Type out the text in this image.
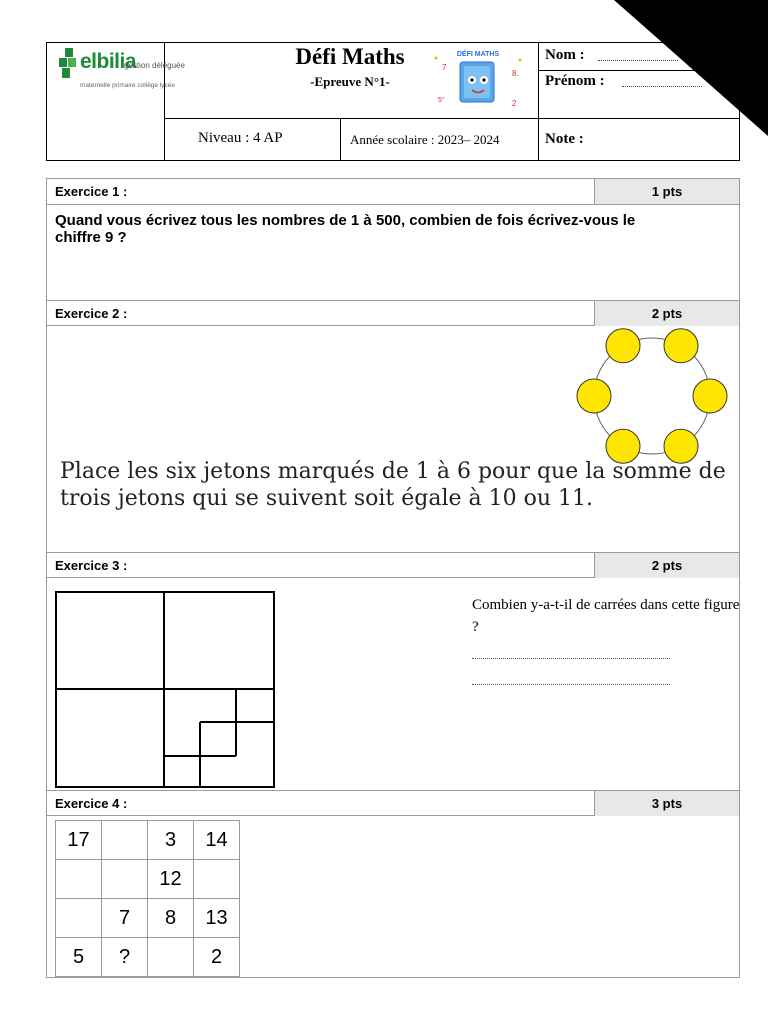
elbilia
gestion déléguée
maternelle primaire collège lycée
Défi Maths
-Epreuve N°1-
DÉFI MATHS
7
8.
5°	2
Nom :
Prénom :
Niveau : 4 AP	Année scolaire : 2023– 2024	Note :
Exercice 1 :	1 pts
Quand vous écrivez tous les nombres de 1 à 500, combien de fois écrivez-vous le chiffre 9 ?
Exercice 2 :	2 pts
Place les six jetons marqués de 1 à 6 pour que la somme de trois jetons qui se suivent soit égale à 10 ou 11.
Exercice 3 :	2 pts
Combien y-a-t-il de carrées dans cette figure ?
Exercice 4 :	3 pts
17		3	14
		12	
	7	8	13
5	?		2
